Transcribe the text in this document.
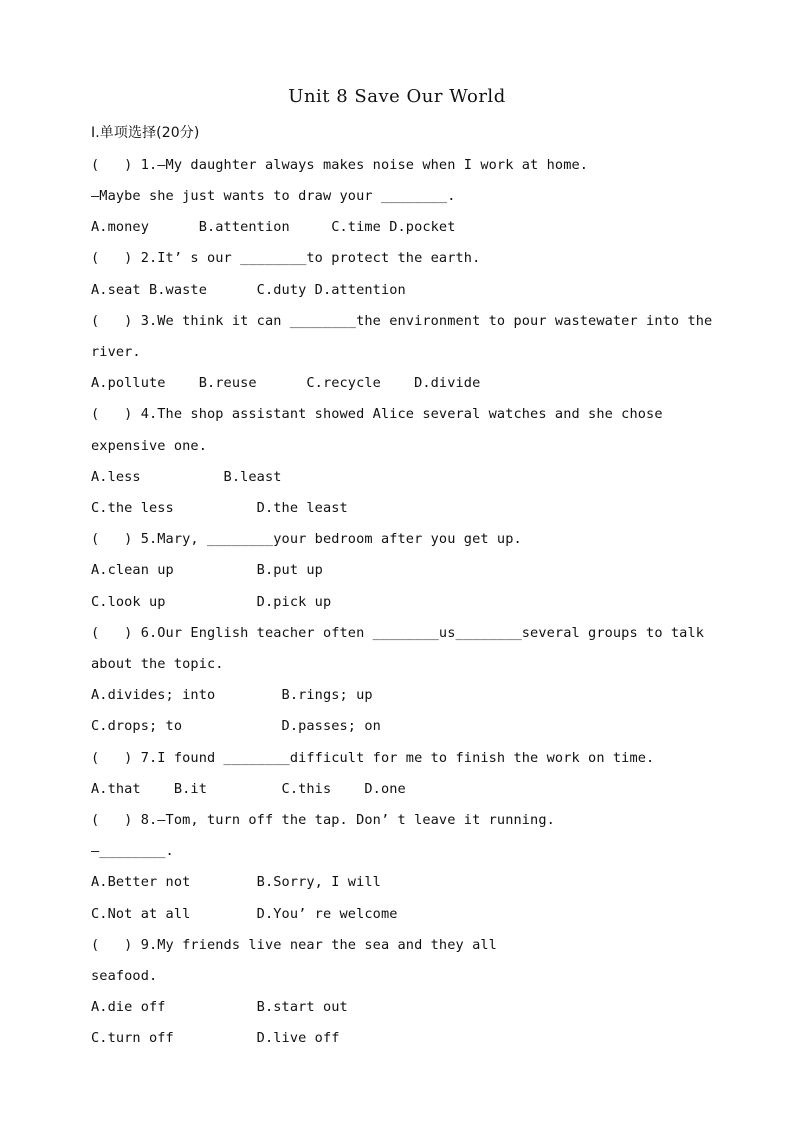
Unit 8 Save Our World
Ⅰ.单项选择(20分)
(   ) 1.—My daughter always makes noise when I work at home.
—Maybe she just wants to draw your ________.
A.money      B.attention     C.time D.pocket
(   ) 2.It’ s our ________to protect the earth.
A.seat B.waste      C.duty D.attention
(   ) 3.We think it can ________the environment to pour wastewater into the
river.
A.pollute    B.reuse      C.recycle    D.divide
(   ) 4.The shop assistant showed Alice several watches and she chose
expensive one.
A.less          B.least
C.the less          D.the least
(   ) 5.Mary, ________your bedroom after you get up.
A.clean up          B.put up
C.look up           D.pick up
(   ) 6.Our English teacher often ________us________several groups to talk
about the topic.
A.divides; into        B.rings; up
C.drops; to            D.passes; on
(   ) 7.I found ________difficult for me to finish the work on time.
A.that    B.it         C.this    D.one
(   ) 8.—Tom, turn off the tap. Don’ t leave it running.
—________.
A.Better not        B.Sorry, I will
C.Not at all        D.You’ re welcome
(   ) 9.My friends live near the sea and they all
seafood.
A.die off           B.start out
C.turn off          D.live off
